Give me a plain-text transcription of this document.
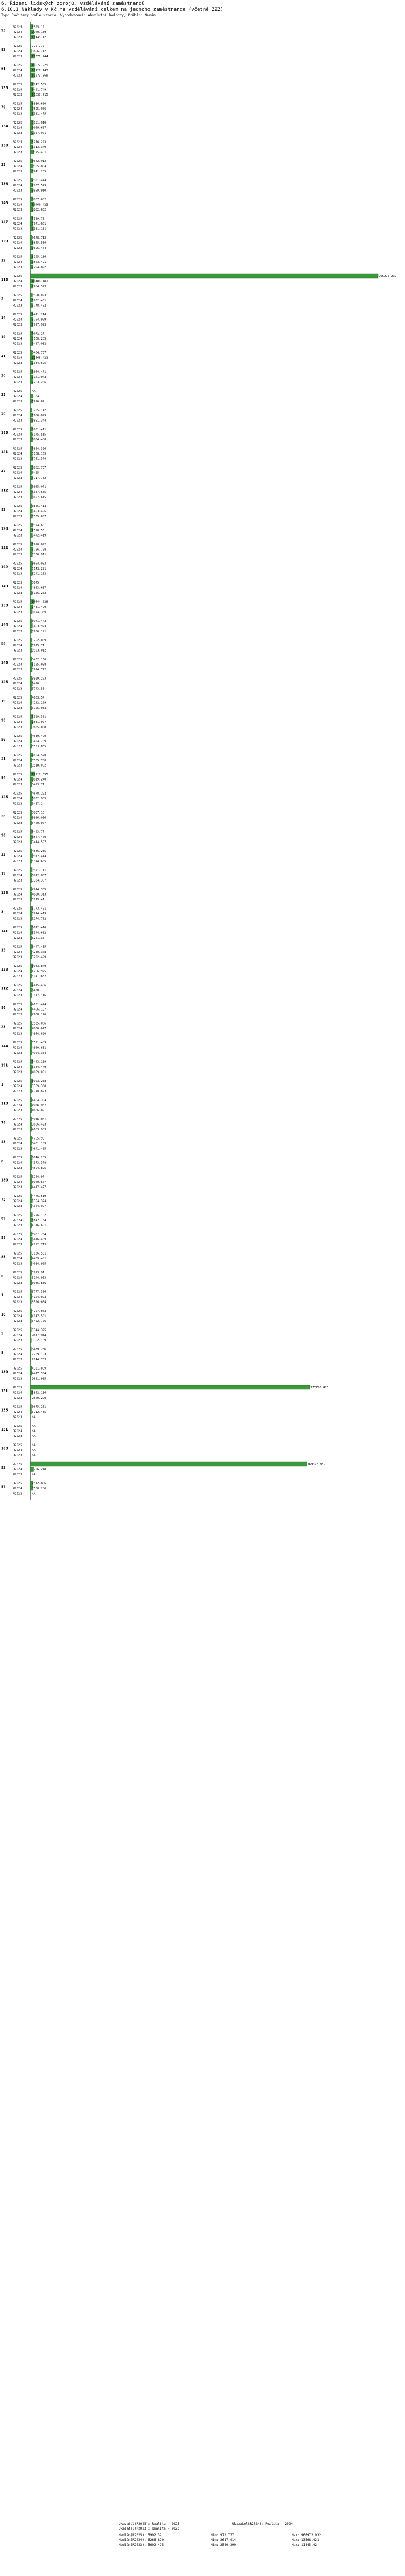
6. Řízení lidských zdrojů, vzdělávání zaměstnanců
6.10.1 Náklady v Kč na vzdělávání celkem na jednoho zaměstnance (včetně ZZZ)
Typ: Počítaný podle vzorce, Vyhodnocení: Absolutní hodnoty, Průběr: Nemám
93
R2025	8525.12
R2024	9940.189
R2023	11445.42
92
R2025	972.777
R2024	3656.742
R2023	11371.444
61
R2025	10672.229
R2024	11728.143
R2023	11273.869
135
R2025	9242.535
R2024	9401.749
R2023	11037.715
70
R2025	8836.690
R2024	7595.956
R2023	9311.475
134
R2025	9191.919
R2024	7069.697
R2023	9357.971
130
R2025	8276.223
R2024	8313.349
R2023	9975.481
23
R2025	8642.912
R2024	8985.834
R2023	8941.205
136
R2025	7921.444
R2024	7237.549
R2023	8859.910
140
R2025	8807.682
R2024	10460.423
R2023	8852.652
147
R2025	7319.71
R2024	6971.631
R2023	9311.111
129
R2025	5678.712
R2024	8865.536
R2023	7695.464
12
R2025	8105.186
R2024	7563.421
R2023	7794.822
118
R2025	966972.932
R2024	10488.187
R2023	7984.393
2
R2025	6558.023
R2024	6962.451
R2023	6748.452
14
R2025	7471.214
R2024	8764.909
R2023	7927.923
10
R2025	7072.27
R2024	8160.205
R2023	7497.082
41
R2025	6464.737
R2024	11568.421
R2023	7384.625
26
R2025	6964.471
R2024	7161.043
R2023	7283.266
25
R2025	NA
R2024	8334
R2023	6996.82
56
R2025	5735.142
R2024	6906.899
R2023	6851.344
185
R2025	6851.411
R2024	6175.515
R2023	6834.408
121
R2025	7864.326
R2024	6168.165
R2023	6761.374
47
R2025	6862.737
R2024	5425
R2023	6717.782
112
R2025	5965.071
R2024	6387.655
R2023	6697.615
82
R2025	5865.413
R2024	6453.496
R2023	6565.057
120
R2025	6974.66
R2024	7598.56
R2023	6472.419
132
R2025	6990.092
R2024	7766.798
R2023	6336.911
102
R2025	6694.093
R2024	6143.291
R2023	6241.263
149
R2025	5675
R2024	4893.617
R2023	6166.262
153
R2025	10644.028
R2024	7431.429
R2023	6074.369
144
R2025	5971.443
R2024	6463.973
R2023	5966.191
80
R2025	5752.869
R2024	5925.71
R2023	5993.012
146
R2025	5462.166
R2024	7195.098
R2023	5924.772
125
R2025	5929.203
R2024	6490
R2023	5743.59
19
R2025	4633.54
R2024	4292.209
R2023	5725.033
98
R2025	7329.361
R2024	7531.077
R2023	5635.838
50
R2025	4639.490
R2024	5424.769
R2023	5553.835
31
R2025	7684.570
R2024	5585.788
R2023	5518.082
94
R2025	12917.355
R2024	8819.240
R2023	5493.71
125
R2025	4678.202
R2024	6832.905
R2023	5437.2
28
R2025	5037.15
R2024	5996.056
R2023	5400.007
90
R2025	6403.77
R2024	6567.400
R2023	5444.597
33
R2025	4586.235
R2024	6917.444
R2023	5374.605
19
R2025	5971.111
R2024	5872.807
R2023	5334.357
128
R2025	4914.335
R2024	4820.313
R2023	5279.41
3
R2025	6773.451
R2024	5974.419
R2023	5274.762
141
R2025	6612.416
R2024	6344.692
R2023	5241.35
13
R2025	6447.415
R2024	4230.308
R2023	5222.429
138
R2025	6983.849
R2024	4766.975
R2023	5141.632
112
R2025	7415.486
R2024	6450
R2023	5117.146
86
R2025	4661.474
R2024	4456.197
R2023	4968.176
23
R2025	5535.066
R2024	4860.677
R2023	4954.820
144
R2025	5591.489
R2024	4990.811
R2023	4904.364
191
R2025	7493.219
R2024	6384.449
R2023	4859.091
1
R2025	6903.258
R2024	5369.368
R2023	4778.823
113
R2025	4464.364
R2024	4956.967
R2023	4686.82
74
R2025	3916.061
R2024	3886.423
R2023	4683.983
43
R2025	4765.95
R2024	5461.189
R2023	4641.495
8
R2025	6046.205
R2024	4373.378
R2023	4594.895
180
R2025	5294.97
R2024	3940.667
R2023	4417.477
75
R2025	4476.519
R2024	6354.374
R2023	4364.997
89
R2025	6276.102
R2024	6842.764
R2023	4316.691
58
R2025	5907.254
R2024	6416.469
R2023	4292.713
85
R2025	3136.531
R2024	4409.481
R2023	4014.905
6
R2025	3923.91
R2024	3144.953
R2023	3985.836
7
R2025	3777.396
R2024	4124.093
R2023	3526.634
18
R2025	4727.063
R2024	4147.561
R2023	3452.776
5
R2025	3344.375
R2024	2617.914
R2023	3362.169
9
R2025	3439.256
R2024	2729.183
R2023	2744.703
139
R2025	4321.809
R2024	4477.334
R2023	2621.985
131
R2025	777780.426
R2024	7862.136
R2023	2540.290
155
R2025	3675.251
R2024	3712.435
R2023	NA
151
R2025	NA
R2024	NA
R2023	NA
103
R2025	NA
R2024	NA
R2023	NA
52
R2025	769393.932
R2024	9726.248
R2023	NA
57
R2025	7512.836
R2024	8560.286
R2023	NA
Ukazatel(R2025): Realita - 2025	Ukazatel(R2024): Realita - 2024
Ukazatel(R2023): Realita - 2023
Medián(R2025): 5992.32	Min: 972.777	Max: 966972.932
Medián(R2024): 6266.820	Min: 2617.914	Max: 13568.421
Medián(R2023): 5602.425	Min: 2540.290	Max: 11445.42
